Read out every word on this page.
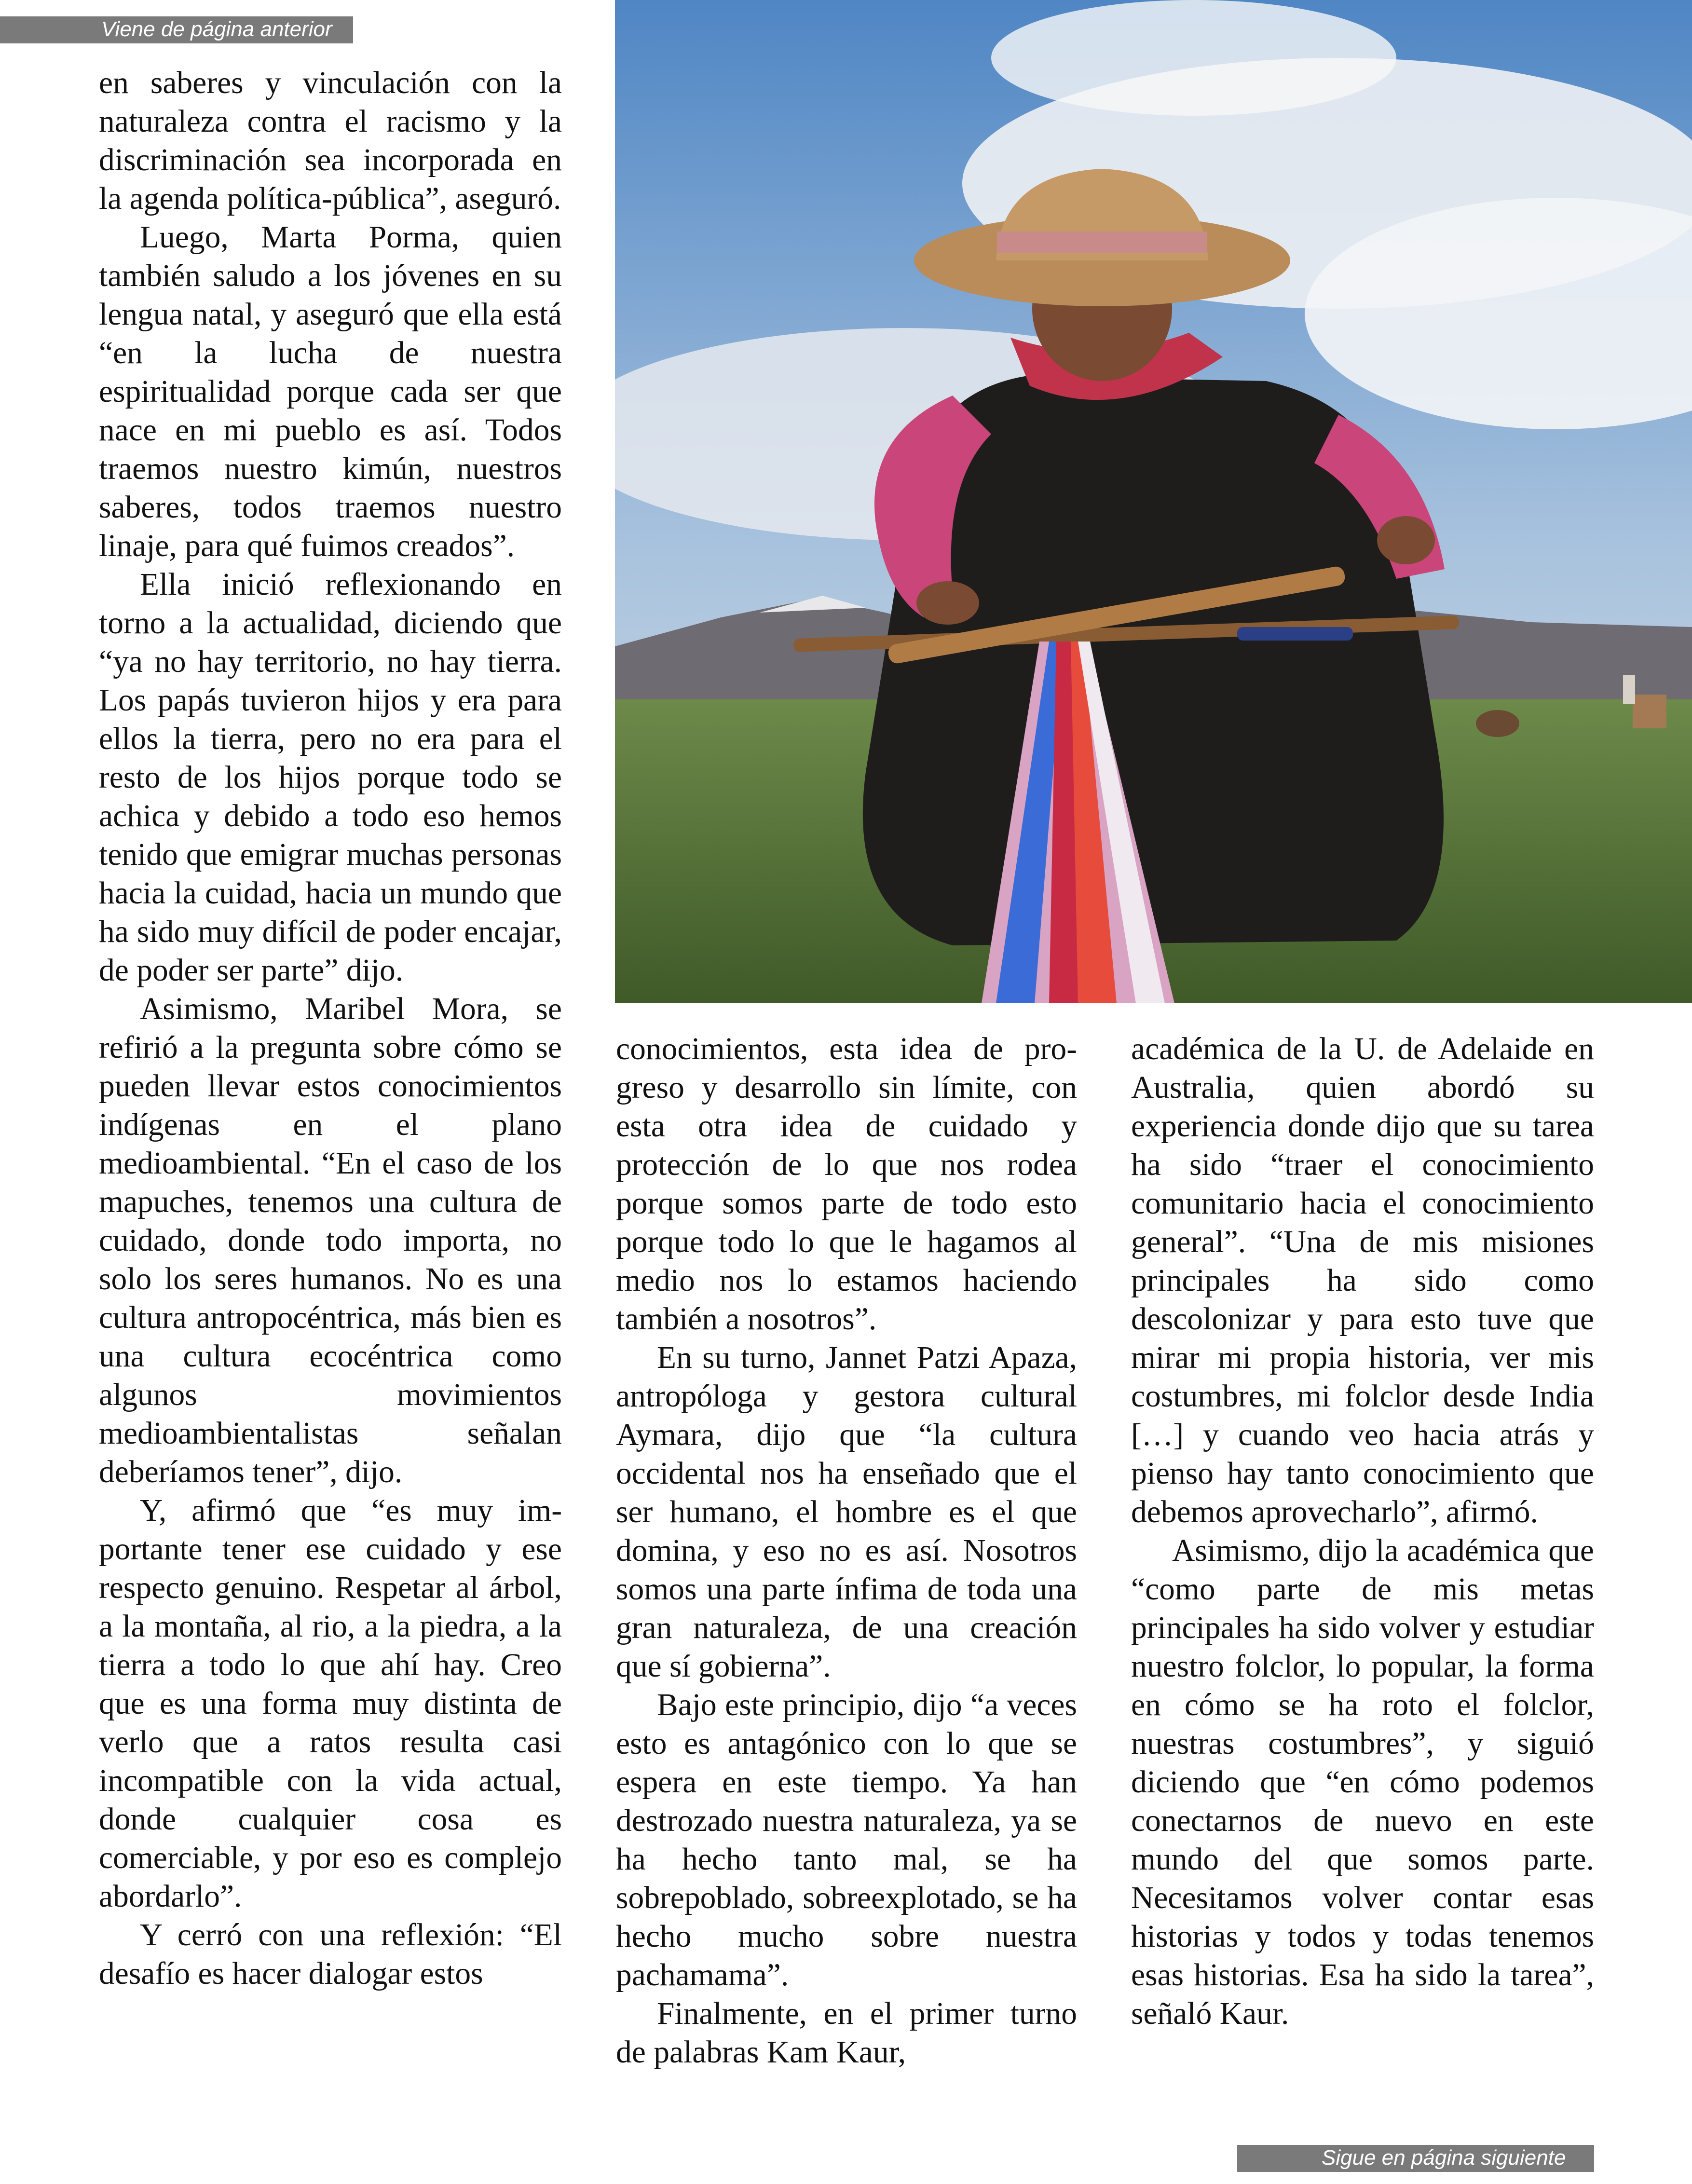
Viene de página anterior

en saberes y vinculación con la naturaleza contra el racismo y la discriminación sea incorporada en la agenda política-pública”, aseguró.

Luego, Marta Porma, quien también saludo a los jóvenes en su lengua natal, y aseguró que ella está “en la lucha de nuestra espiritualidad porque cada ser que nace en mi pueblo es así. Todos traemos nuestro kimún, nuestros saberes, todos traemos nuestro linaje, para qué fuimos creados”.

Ella inició reflexionando en torno a la actualidad, diciendo que “ya no hay territorio, no hay tierra. Los papás tuvieron hijos y era para ellos la tierra, pero no era para el resto de los hijos porque todo se achica y debido a todo eso hemos tenido que emigrar muchas personas hacia la cuidad, hacia un mundo que ha sido muy difícil de poder encajar, de poder ser parte” dijo.

Asimismo, Maribel Mora, se refirió a la pregunta sobre cómo se pueden llevar estos conocimientos indígenas en el plano medioambiental. “En el caso de los mapuches, tenemos una cultura de cuidado, donde todo importa, no solo los seres humanos. No es una cultura antropocéntrica, más bien es una cultura ecocéntrica como algunos movimientos medioambientalistas señalan deberíamos tener”, dijo.

Y, afirmó que “es muy importante tener ese cuidado y ese respecto genuino. Respetar al árbol, a la montaña, al rio, a la piedra, a la tierra a todo lo que ahí hay. Creo que es una forma muy distinta de verlo que a ratos resulta casi incompatible con la vida actual, donde cualquier cosa es comerciable, y por eso es complejo abordarlo”.

Y cerró con una reflexión: “El desafío es hacer dialogar estos

conocimientos, esta idea de progreso y desarrollo sin límite, con esta otra idea de cuidado y protección de lo que nos rodea porque somos parte de todo esto porque todo lo que le hagamos al medio nos lo estamos haciendo también a nosotros”.

En su turno, Jannet Patzi Apaza, antropóloga y gestora cultural Aymara, dijo que “la cultura occidental nos ha enseñado que el ser humano, el hombre es el que domina, y eso no es así. Nosotros somos una parte ínfima de toda una gran naturaleza, de una creación que sí gobierna”.

Bajo este principio, dijo “a veces esto es antagónico con lo que se espera en este tiempo. Ya han destrozado nuestra naturaleza, ya se ha hecho tanto mal, se ha sobrepoblado, sobreexplotado, se ha hecho mucho sobre nuestra pachamama”.

Finalmente, en el primer turno de palabras Kam Kaur,

académica de la U. de Adelaide en Australia, quien abordó su experiencia donde dijo que su tarea ha sido “traer el conocimiento comunitario hacia el conocimiento general”. “Una de mis misiones principales ha sido como descolonizar y para esto tuve que mirar mi propia historia, ver mis costumbres, mi folclor desde India […] y cuando veo hacia atrás y pienso hay tanto conocimiento que debemos aprovecharlo”, afirmó.

Asimismo, dijo la académica que “como parte de mis metas principales ha sido volver y estudiar nuestro folclor, lo popular, la forma en cómo se ha roto el folclor, nuestras costumbres”, y siguió diciendo que “en cómo podemos conectarnos de nuevo en este mundo del que somos parte. Necesitamos volver contar esas historias y todos y todas tenemos esas historias. Esa ha sido la tarea”, señaló Kaur.

Sigue en página siguiente
